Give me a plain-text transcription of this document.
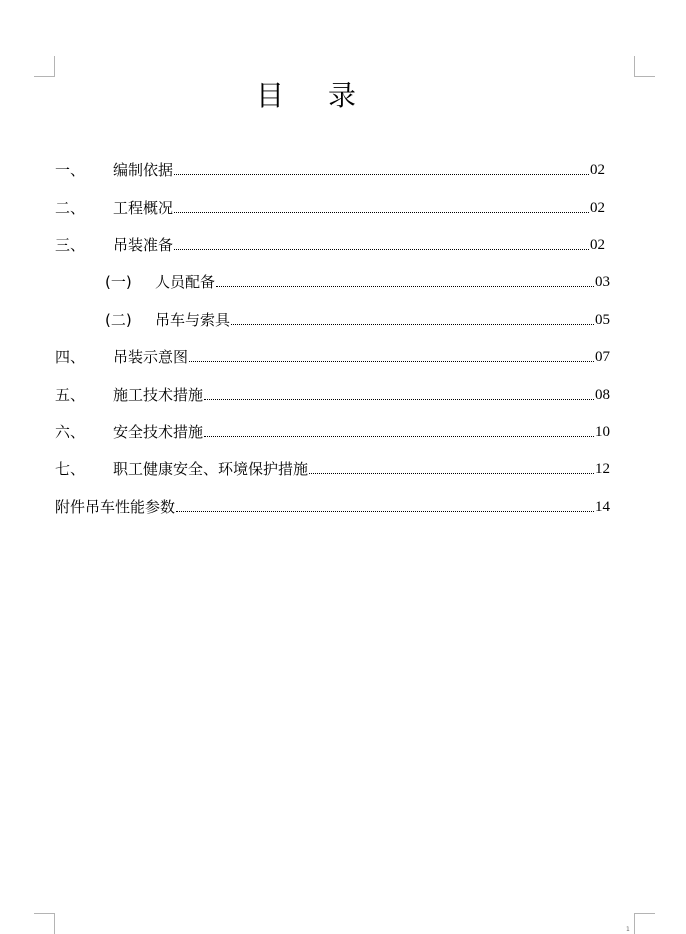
目 录
一、	编制依据	02
二、	工程概况	02
三、	吊装准备	02
(一)	人员配备	03
(二)	吊车与索具	05
四、	吊装示意图	07
五、	施工技术措施	08
六、	安全技术措施	10
七、	职工健康安全、环境保护措施	12
附件吊车性能参数	14
1
